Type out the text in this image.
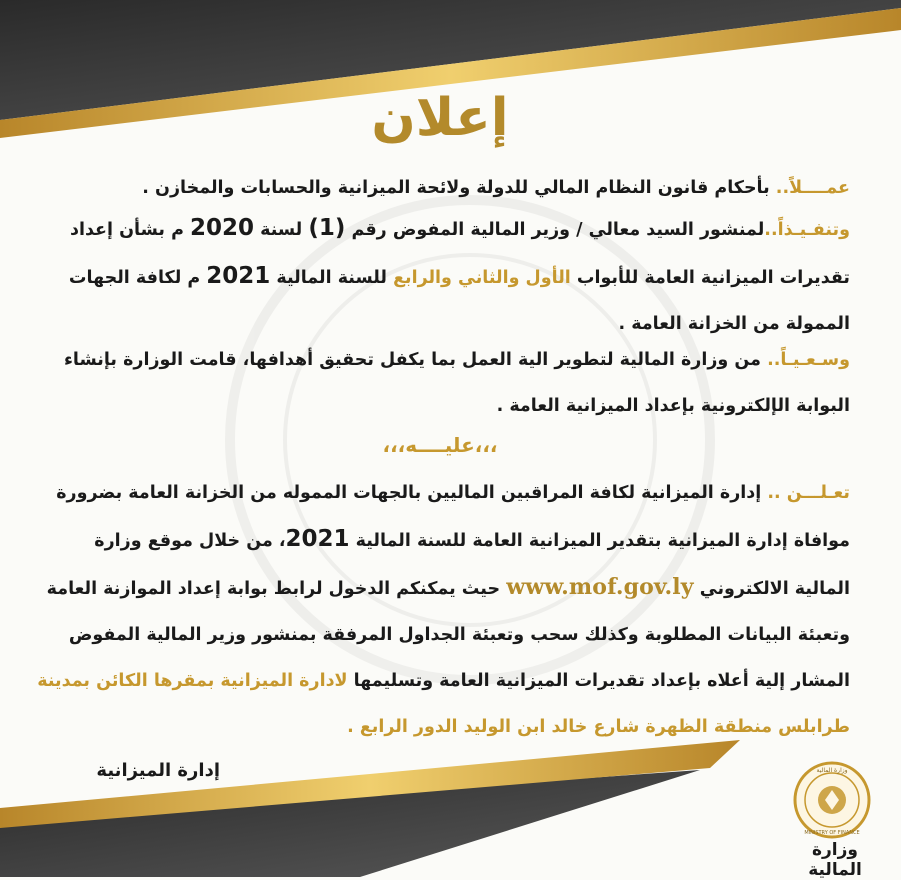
إعلان
عمــــلاً.. بأحكام قانون النظام المالي للدولة ولائحة الميزانية والحسابات والمخازن .
وتنفـيـذاً..لمنشور السيد معالي / وزير المالية المفوض رقم (1) لسنة 2020 م بشأن إعداد تقديرات الميزانية العامة للأبواب الأول والثاني والرابع للسنة المالية 2021 م لكافة الجهات الممولة من الخزانة العامة .
وسـعـيـاً.. من وزارة المالية لتطوير الية العمل بما يكفل تحقيق أهدافها، قامت الوزارة بإنشاء البوابة الإلكترونية بإعداد الميزانية العامة .
،،،عليــــه،،،
تعـلـــن .. إدارة الميزانية لكافة المراقبين الماليين بالجهات المموله من الخزانة العامة بضرورة موافاة إدارة الميزانية بتقدير الميزانية العامة للسنة المالية 2021، من خلال موقع وزارة المالية الالكتروني www.mof.gov.ly حيث يمكنكم الدخول لرابط بوابة إعداد الموازنة العامة وتعبئة البيانات المطلوبة وكذلك سحب وتعبئة الجداول المرفقة بمنشور وزير المالية المفوض المشار إلية أعلاه بإعداد تقديرات الميزانية العامة وتسليمها لادارة الميزانية بمقرها الكائن بمدينة طرابلس منطقة الظهرة شارع خالد ابن الوليد الدور الرابع .
إدارة الميزانية	وزارة المالية
MINISTRY OF FINANCE
وزارة المالية
